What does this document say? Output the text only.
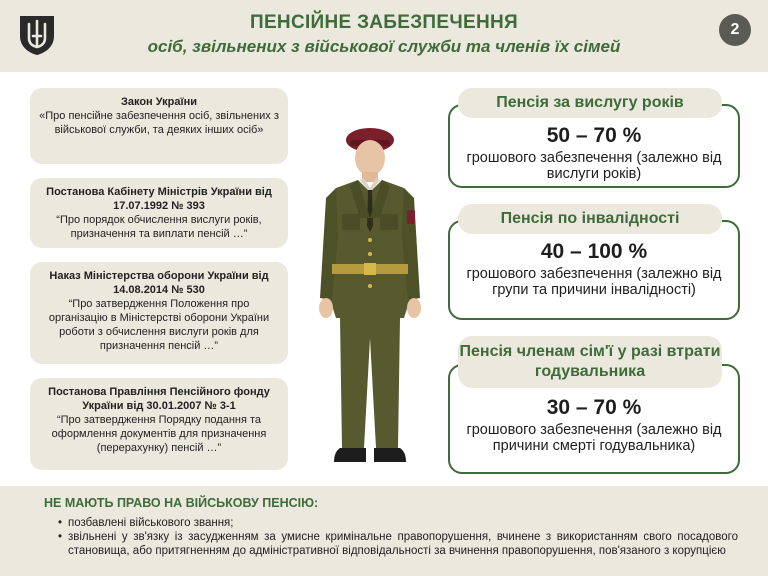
ПЕНСІЙНЕ ЗАБЕЗПЕЧЕННЯ
осіб, звільнених з військової служби та членів їх сімей
2
Закон України
«Про пенсійне забезпечення осіб, звільнених з військової служби, та деяких інших осіб»
Постанова Кабінету Міністрів України від 17.07.1992 № 393
“Про порядок обчислення вислуги років, призначення та виплати пенсій …”
Наказ Міністерства оборони України від 14.08.2014 № 530
“Про затвердження Положення про організацію в Міністерстві оборони України роботи з обчислення вислуги років для призначення пенсій …”
Постанова Правління Пенсійного фонду України від 30.01.2007 № 3-1
“Про затвердження Порядку подання та оформлення документів для призначення (перерахунку) пенсій …”
Пенсія за вислугу років
50 – 70 %
грошового забезпечення (залежно від вислуги років)
Пенсія по інвалідності
40 – 100 %
грошового забезпечення (залежно від групи та причини інвалідності)
Пенсія членам сім'ї у разі втрати годувальника
30 – 70 %
грошового забезпечення (залежно від причини смерті годувальника)
НЕ МАЮТЬ ПРАВО НА ВІЙСЬКОВУ ПЕНСІЮ:
• позбавлені військового звання;
• звільнені у зв'язку із засудженням за умисне кримінальне правопорушення, вчинене з використанням свого посадового становища, або притягненням до адміністративної відповідальності за вчинення правопорушення, пов'язаного з корупцією
